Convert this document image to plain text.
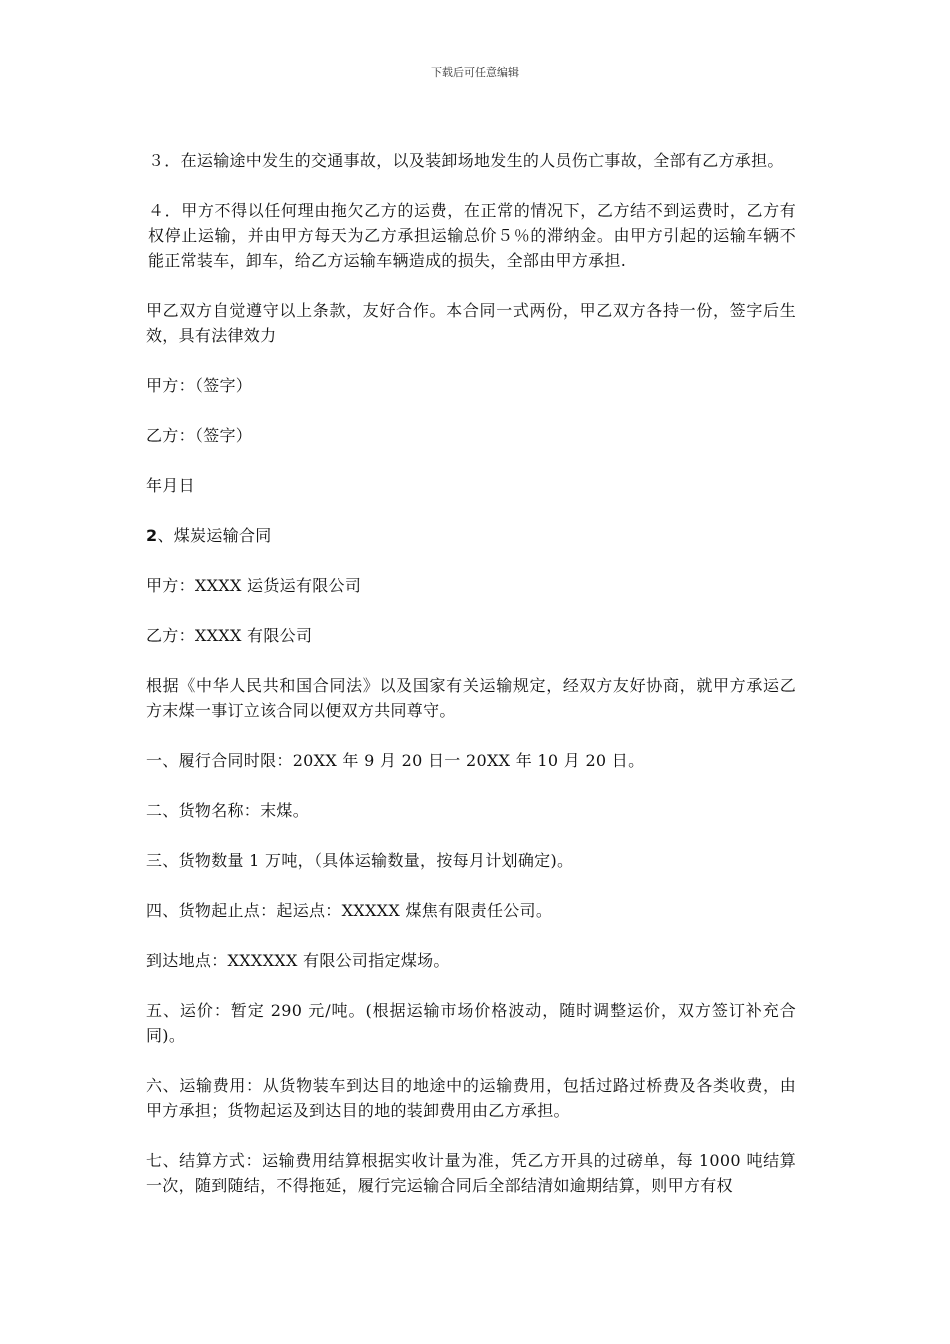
下载后可任意编辑

３．在运输途中发生的交通事故，以及装卸场地发生的人员伤亡事故，全部有乙方承担。

４．甲方不得以任何理由拖欠乙方的运费，在正常的情况下，乙方结不到运费时，乙方有权停止运输，并由甲方每天为乙方承担运输总价５％的滞纳金。由甲方引起的运输车辆不能正常装车，卸车，给乙方运输车辆造成的损失，全部由甲方承担.

甲乙双方自觉遵守以上条款，友好合作。本合同一式两份，甲乙双方各持一份，签字后生效，具有法律效力

甲方：（签字）

乙方：（签字）

年月日

2、煤炭运输合同

甲方：XXXX 运货运有限公司

乙方：XXXX 有限公司

根据《中华人民共和国合同法》以及国家有关运输规定，经双方友好协商，就甲方承运乙方末煤一事订立该合同以便双方共同尊守。

一、履行合同时限：20XX 年 9 月 20 日一 20XX 年 10 月 20 日。

二、货物名称：末煤。

三、货物数量 1 万吨，（具体运输数量，按每月计划确定)。

四、货物起止点：起运点：XXXXX 煤焦有限责任公司。

到达地点：XXXXXX 有限公司指定煤场。

五、运价：暂定 290 元/吨。(根据运输市场价格波动，随时调整运价，双方签订补充合同)。

六、运输费用：从货物装车到达目的地途中的运输费用，包括过路过桥费及各类收费，由甲方承担；货物起运及到达目的地的装卸费用由乙方承担。

七、结算方式：运输费用结算根据实收计量为准，凭乙方开具的过磅单，每 1000 吨结算一次，随到随结，不得拖延，履行完运输合同后全部结清如逾期结算，则甲方有权
